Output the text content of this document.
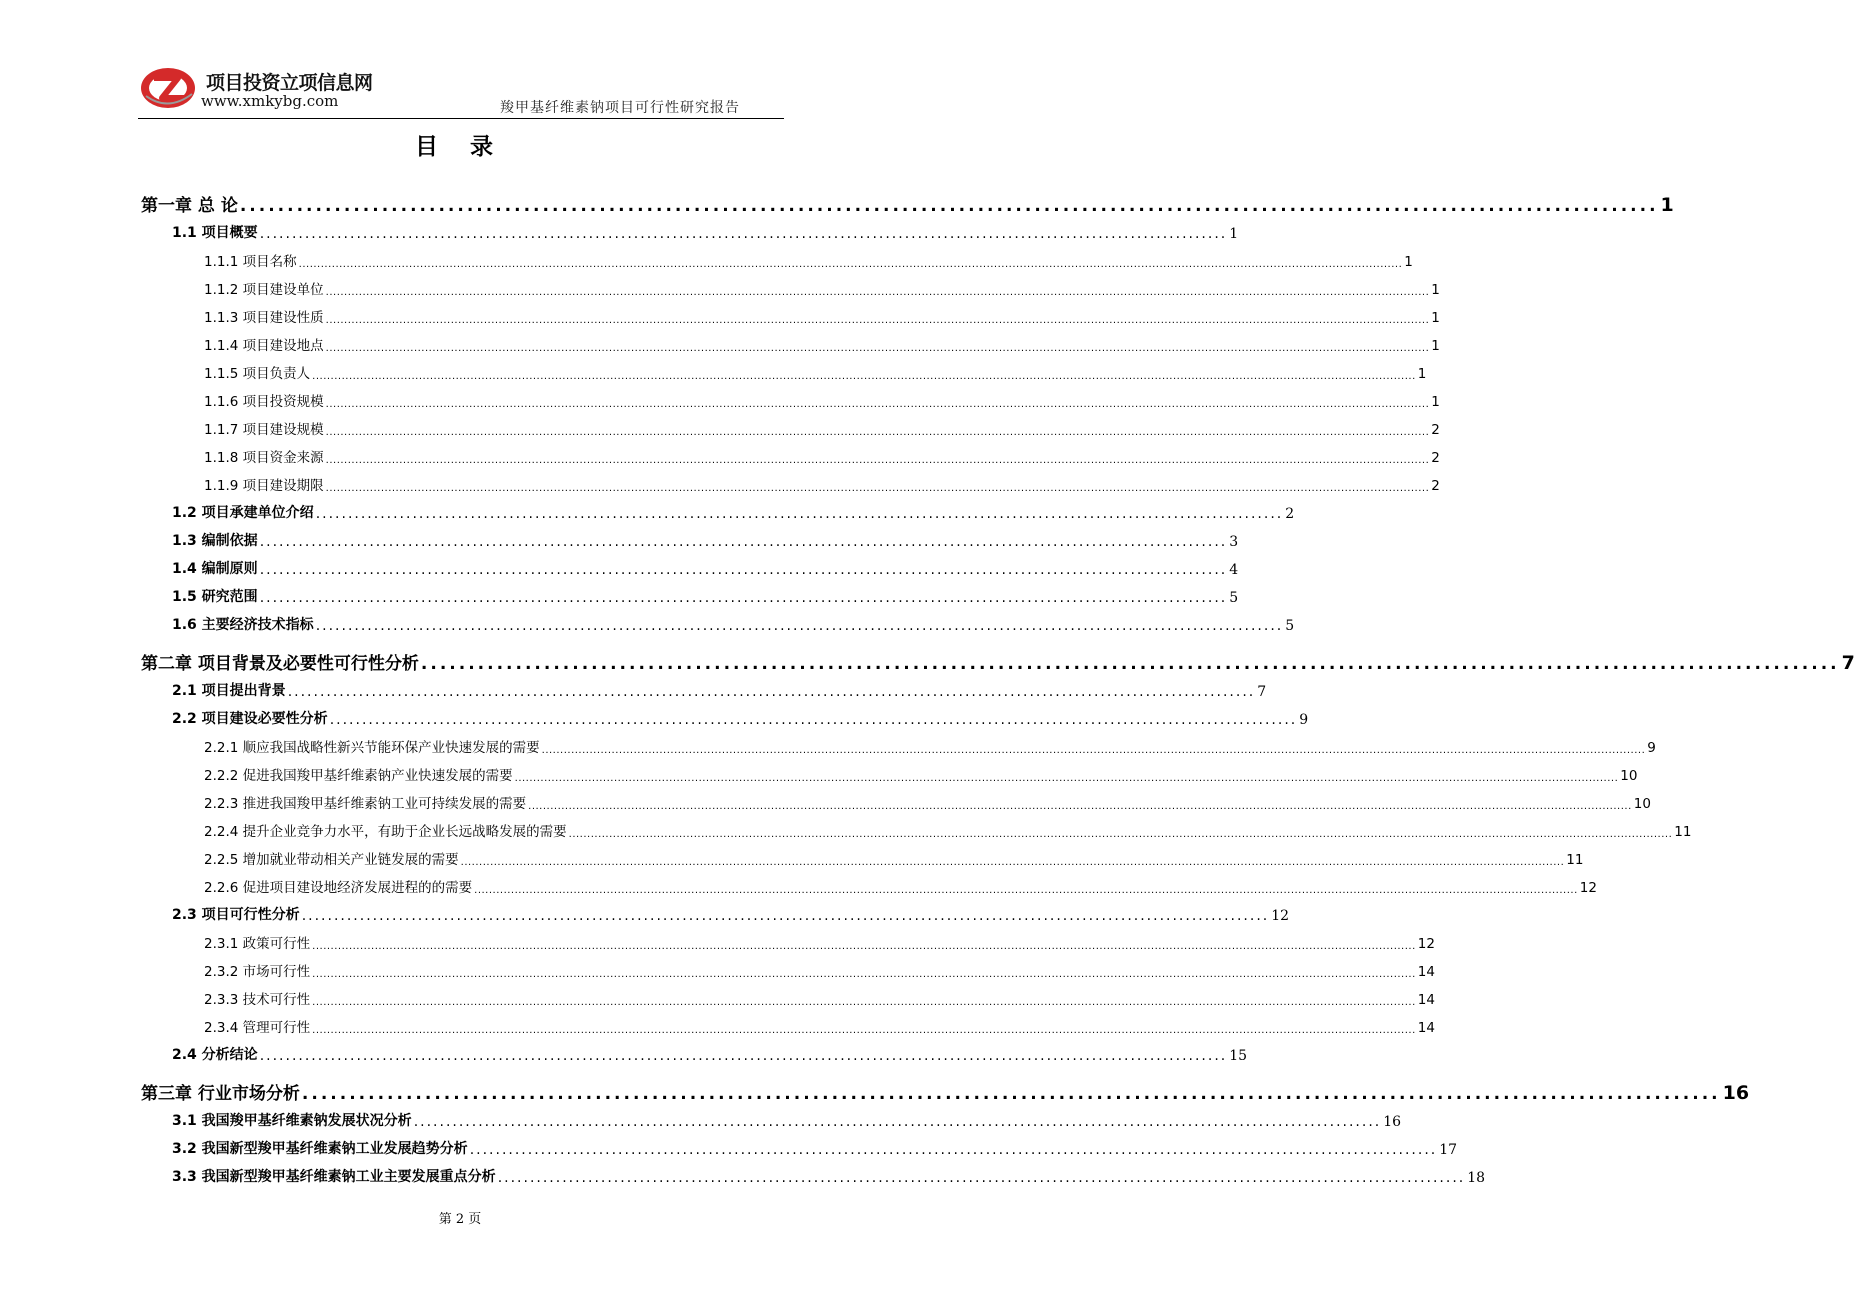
项目投资立项信息网
www.xmkybg.com	羧甲基纤维素钠项目可行性研究报告
目 录
第一章 总 论 ...................................................................................................................................................... 1
1.1 项目概要 ...................................................................................................................................................... 1
1.1.1 项目名称 ............................................................................................................................................................................................................................................................................................................ 1
1.1.2 项目建设单位 ............................................................................................................................................................................................................................................................................................................ 1
1.1.3 项目建设性质 ............................................................................................................................................................................................................................................................................................................ 1
1.1.4 项目建设地点 ............................................................................................................................................................................................................................................................................................................ 1
1.1.5 项目负责人 ............................................................................................................................................................................................................................................................................................................ 1
1.1.6 项目投资规模 ............................................................................................................................................................................................................................................................................................................ 1
1.1.7 项目建设规模 ............................................................................................................................................................................................................................................................................................................ 2
1.1.8 项目资金来源 ............................................................................................................................................................................................................................................................................................................ 2
1.1.9 项目建设期限 ............................................................................................................................................................................................................................................................................................................ 2
1.2 项目承建单位介绍 ...................................................................................................................................................... 2
1.3 编制依据 ...................................................................................................................................................... 3
1.4 编制原则 ...................................................................................................................................................... 4
1.5 研究范围 ...................................................................................................................................................... 5
1.6 主要经济技术指标 ...................................................................................................................................................... 5
第二章 项目背景及必要性可行性分析 ...................................................................................................................................................... 7
2.1 项目提出背景 ...................................................................................................................................................... 7
2.2 项目建设必要性分析 ...................................................................................................................................................... 9
2.2.1 顺应我国战略性新兴节能环保产业快速发展的需要 ............................................................................................................................................................................................................................................................................................................ 9
2.2.2 促进我国羧甲基纤维素钠产业快速发展的需要 ............................................................................................................................................................................................................................................................................................................ 10
2.2.3 推进我国羧甲基纤维素钠工业可持续发展的需要 ............................................................................................................................................................................................................................................................................................................ 10
2.2.4 提升企业竞争力水平，有助于企业长远战略发展的需要 ............................................................................................................................................................................................................................................................................................................ 11
2.2.5 增加就业带动相关产业链发展的需要 ............................................................................................................................................................................................................................................................................................................ 11
2.2.6 促进项目建设地经济发展进程的的需要 ............................................................................................................................................................................................................................................................................................................ 12
2.3 项目可行性分析 ...................................................................................................................................................... 12
2.3.1 政策可行性 ............................................................................................................................................................................................................................................................................................................ 12
2.3.2 市场可行性 ............................................................................................................................................................................................................................................................................................................ 14
2.3.3 技术可行性 ............................................................................................................................................................................................................................................................................................................ 14
2.3.4 管理可行性 ............................................................................................................................................................................................................................................................................................................ 14
2.4 分析结论 ...................................................................................................................................................... 15
第三章 行业市场分析 ...................................................................................................................................................... 16
3.1 我国羧甲基纤维素钠发展状况分析 ...................................................................................................................................................... 16
3.2 我国新型羧甲基纤维素钠工业发展趋势分析 ...................................................................................................................................................... 17
3.3 我国新型羧甲基纤维素钠工业主要发展重点分析 ...................................................................................................................................................... 18
第 2 页
